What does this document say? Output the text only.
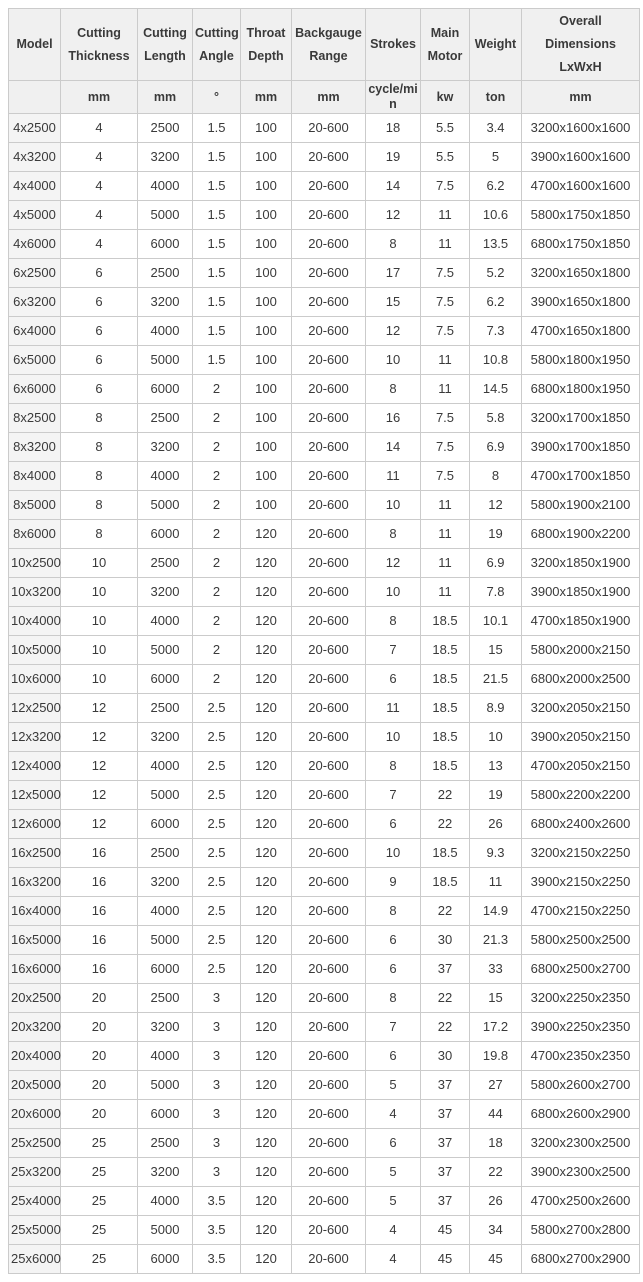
Model	Cutting Thickness	Cutting Length	Cutting Angle	Throat Depth	Backgauge Range	Strokes	Main Motor	Weight	Overall Dimensions LxWxH
	mm	mm	°	mm	mm	cycle/min	kw	ton	mm
4x2500	4	2500	1.5	100	20-600	18	5.5	3.4	3200x1600x1600
4x3200	4	3200	1.5	100	20-600	19	5.5	5	3900x1600x1600
4x4000	4	4000	1.5	100	20-600	14	7.5	6.2	4700x1600x1600
4x5000	4	5000	1.5	100	20-600	12	11	10.6	5800x1750x1850
4x6000	4	6000	1.5	100	20-600	8	11	13.5	6800x1750x1850
6x2500	6	2500	1.5	100	20-600	17	7.5	5.2	3200x1650x1800
6x3200	6	3200	1.5	100	20-600	15	7.5	6.2	3900x1650x1800
6x4000	6	4000	1.5	100	20-600	12	7.5	7.3	4700x1650x1800
6x5000	6	5000	1.5	100	20-600	10	11	10.8	5800x1800x1950
6x6000	6	6000	2	100	20-600	8	11	14.5	6800x1800x1950
8x2500	8	2500	2	100	20-600	16	7.5	5.8	3200x1700x1850
8x3200	8	3200	2	100	20-600	14	7.5	6.9	3900x1700x1850
8x4000	8	4000	2	100	20-600	11	7.5	8	4700x1700x1850
8x5000	8	5000	2	100	20-600	10	11	12	5800x1900x2100
8x6000	8	6000	2	120	20-600	8	11	19	6800x1900x2200
10x2500	10	2500	2	120	20-600	12	11	6.9	3200x1850x1900
10x3200	10	3200	2	120	20-600	10	11	7.8	3900x1850x1900
10x4000	10	4000	2	120	20-600	8	18.5	10.1	4700x1850x1900
10x5000	10	5000	2	120	20-600	7	18.5	15	5800x2000x2150
10x6000	10	6000	2	120	20-600	6	18.5	21.5	6800x2000x2500
12x2500	12	2500	2.5	120	20-600	11	18.5	8.9	3200x2050x2150
12x3200	12	3200	2.5	120	20-600	10	18.5	10	3900x2050x2150
12x4000	12	4000	2.5	120	20-600	8	18.5	13	4700x2050x2150
12x5000	12	5000	2.5	120	20-600	7	22	19	5800x2200x2200
12x6000	12	6000	2.5	120	20-600	6	22	26	6800x2400x2600
16x2500	16	2500	2.5	120	20-600	10	18.5	9.3	3200x2150x2250
16x3200	16	3200	2.5	120	20-600	9	18.5	11	3900x2150x2250
16x4000	16	4000	2.5	120	20-600	8	22	14.9	4700x2150x2250
16x5000	16	5000	2.5	120	20-600	6	30	21.3	5800x2500x2500
16x6000	16	6000	2.5	120	20-600	6	37	33	6800x2500x2700
20x2500	20	2500	3	120	20-600	8	22	15	3200x2250x2350
20x3200	20	3200	3	120	20-600	7	22	17.2	3900x2250x2350
20x4000	20	4000	3	120	20-600	6	30	19.8	4700x2350x2350
20x5000	20	5000	3	120	20-600	5	37	27	5800x2600x2700
20x6000	20	6000	3	120	20-600	4	37	44	6800x2600x2900
25x2500	25	2500	3	120	20-600	6	37	18	3200x2300x2500
25x3200	25	3200	3	120	20-600	5	37	22	3900x2300x2500
25x4000	25	4000	3.5	120	20-600	5	37	26	4700x2500x2600
25x5000	25	5000	3.5	120	20-600	4	45	34	5800x2700x2800
25x6000	25	6000	3.5	120	20-600	4	45	45	6800x2700x2900
